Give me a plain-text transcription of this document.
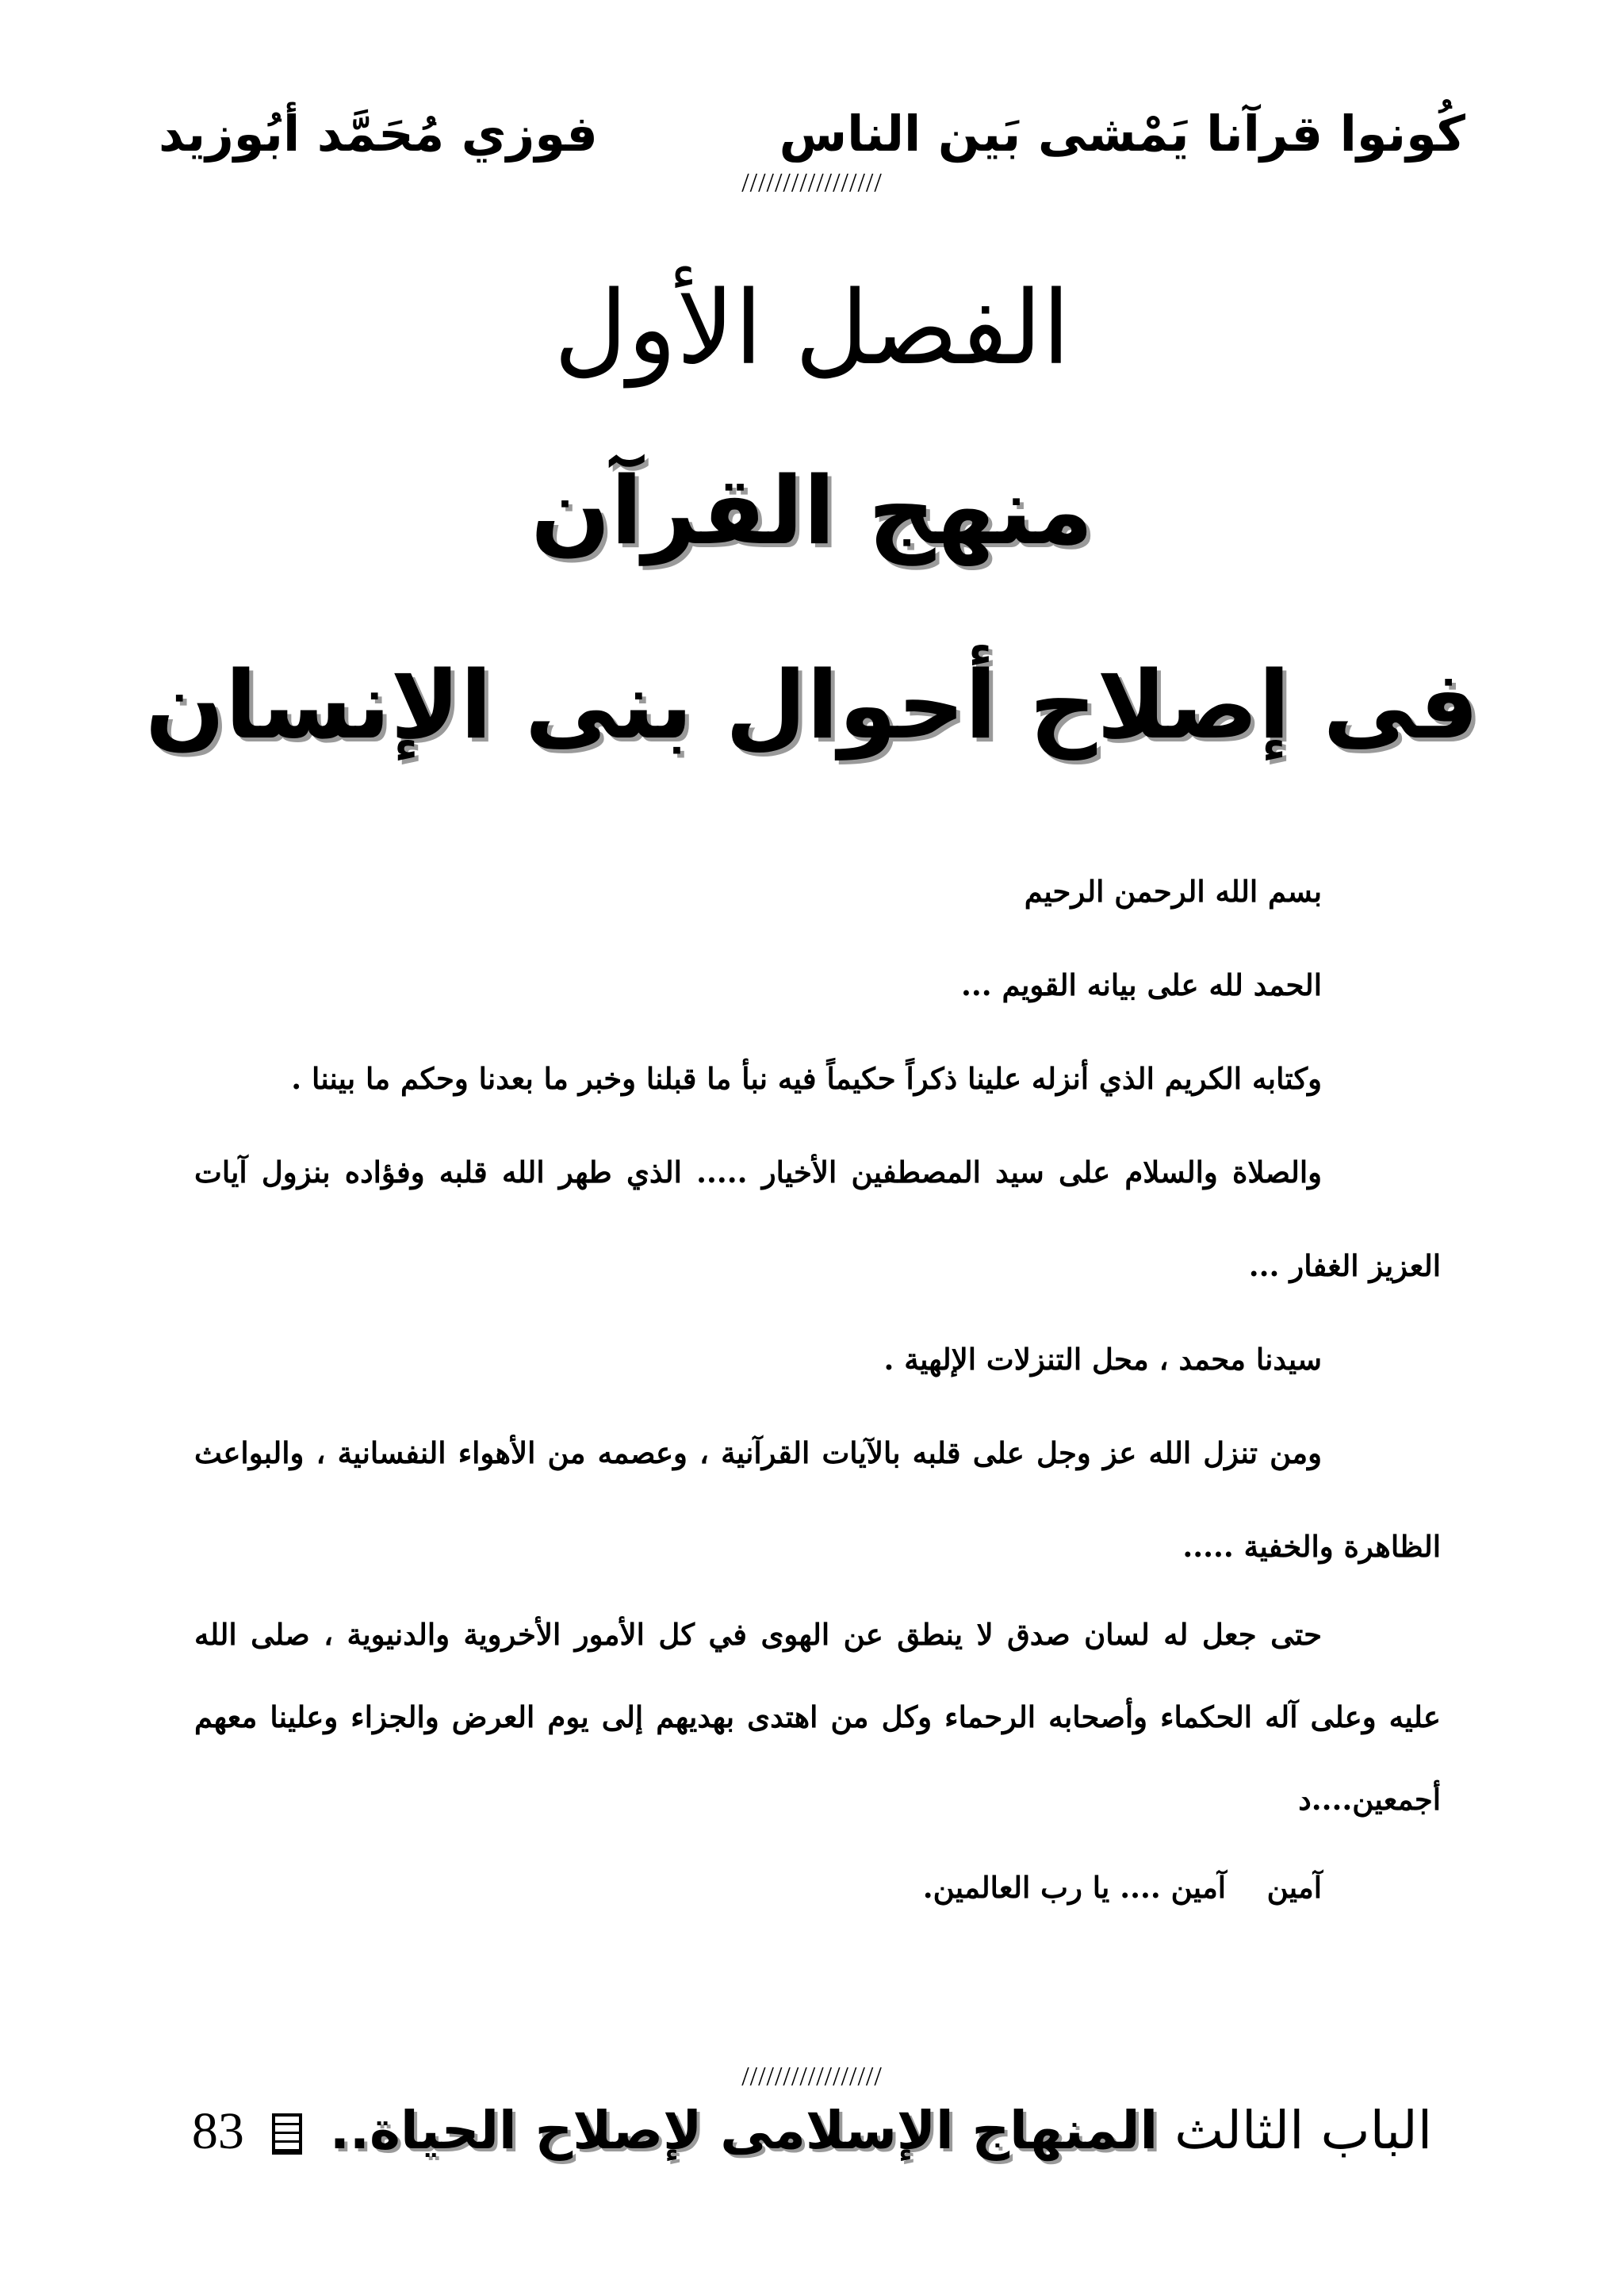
كُونوا قرآنا يَمْشى بَين الناس
فوزي مُحَمَّد أبُوزيد
/////////////////
الفصل الأول
منهج القرآن
فى إصلاح أحوال بنى الإنسان

بسم الله الرحمن الرحيم

الحمد لله على بيانه القويم ...

وكتابه الكريم الذي أنزله علينا ذكراً حكيماً فيه نبأ ما قبلنا وخبر ما بعدنا وحكم ما بيننا .

والصلاة والسلام على سيد المصطفين الأخيار ..... الذي طهر الله قلبه وفؤاده بنزول آيات العزيز الغفار ...

سيدنا محمد ، محل التنزلات الإلهية .

ومن تنزل الله عز وجل على قلبه بالآيات القرآنية ، وعصمه من الأهواء النفسانية ، والبواعث الظاهرة والخفية .....

حتى جعل له لسان صدق لا ينطق عن الهوى في كل الأمور الأخروية والدنيوية ، صلى الله عليه وعلى آله الحكماء وأصحابه الرحماء وكل من اهتدى بهديهم إلى يوم العرض والجزاء وعلينا معهم أجمعين....د

آمين    آمين .... يا رب العالمين.

/////////////////
الباب الثالث المنهاج الإسلامى لإصلاح الحياة..  83
